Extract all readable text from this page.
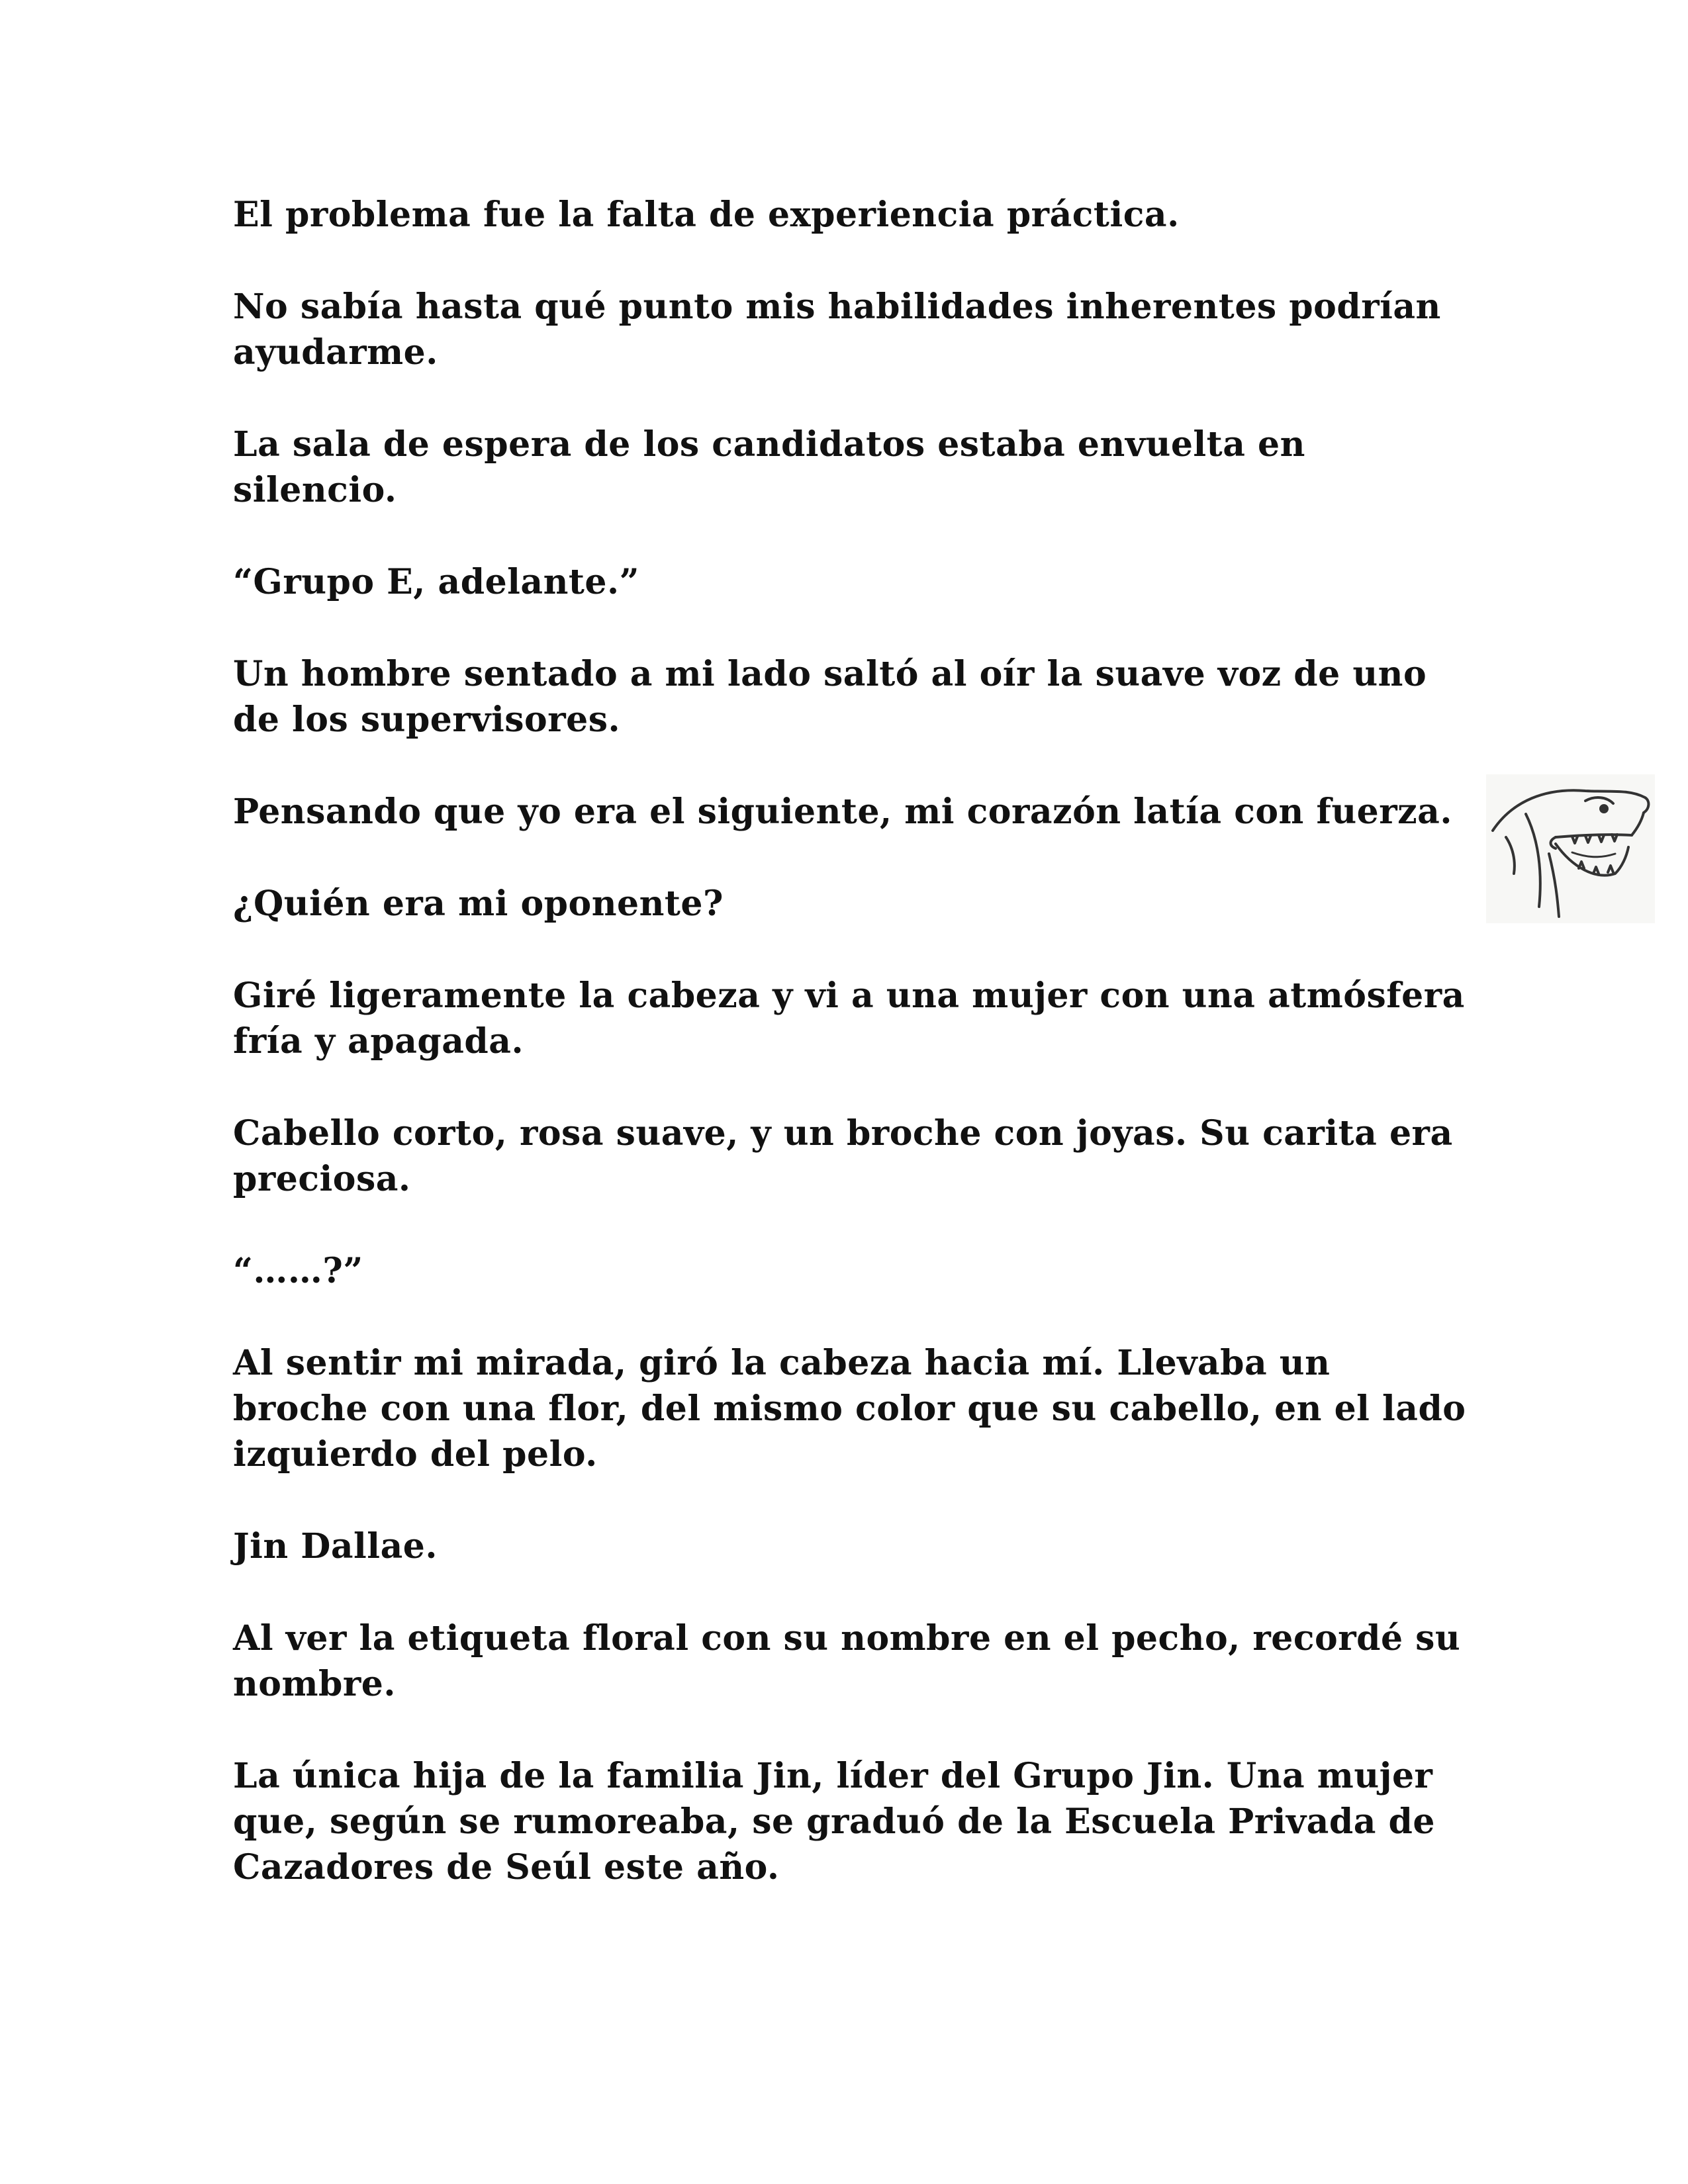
El problema fue la falta de experiencia práctica.

No sabía hasta qué punto mis habilidades inherentes podrían ayudarme.

La sala de espera de los candidatos estaba envuelta en silencio.

“Grupo E, adelante.”

Un hombre sentado a mi lado saltó al oír la suave voz de uno de los supervisores.

Pensando que yo era el siguiente, mi corazón latía con fuerza.

¿Quién era mi oponente?

Giré ligeramente la cabeza y vi a una mujer con una atmósfera fría y apagada.

Cabello corto, rosa suave, y un broche con joyas. Su carita era preciosa.

“……?”

Al sentir mi mirada, giró la cabeza hacia mí. Llevaba un broche con una flor, del mismo color que su cabello, en el lado izquierdo del pelo.

Jin Dallae.

Al ver la etiqueta floral con su nombre en el pecho, recordé su nombre.

La única hija de la familia Jin, líder del Grupo Jin. Una mujer que, según se rumoreaba, se graduó de la Escuela Privada de Cazadores de Seúl este año.
